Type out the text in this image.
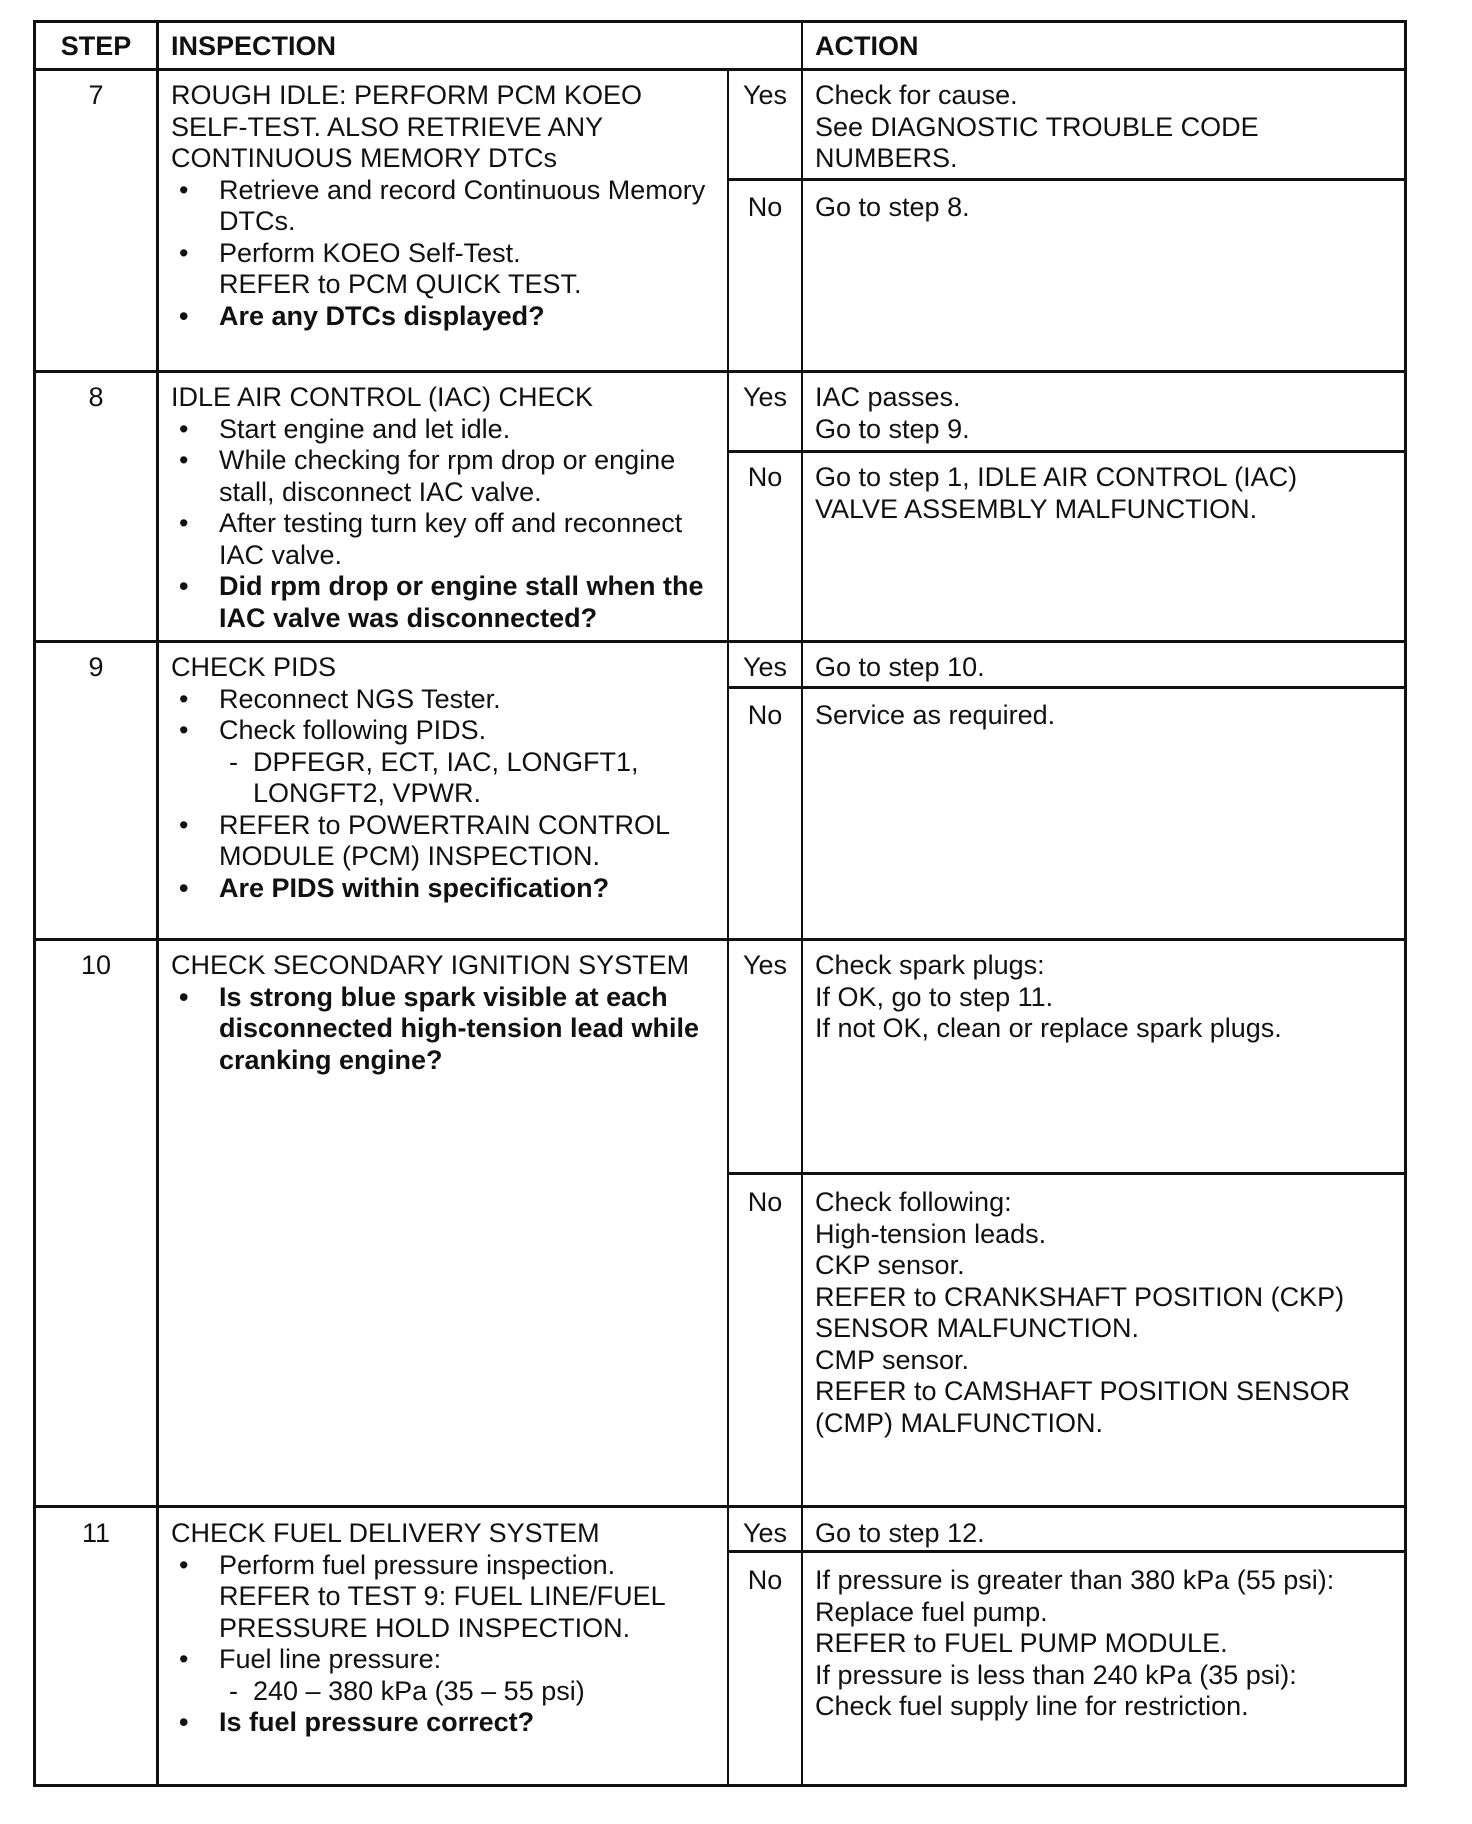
STEP	INSPECTION	ACTION
7	ROUGH IDLE: PERFORM PCM KOEO SELF-TEST. ALSO RETRIEVE ANY CONTINUOUS MEMORY DTCs
• Retrieve and record Continuous Memory DTCs.
• Perform KOEO Self-Test.
REFER to PCM QUICK TEST.
• Are any DTCs displayed?
Yes	Check for cause.
See DIAGNOSTIC TROUBLE CODE NUMBERS.
No	Go to step 8.
8	IDLE AIR CONTROL (IAC) CHECK
• Start engine and let idle.
• While checking for rpm drop or engine stall, disconnect IAC valve.
• After testing turn key off and reconnect IAC valve.
• Did rpm drop or engine stall when the IAC valve was disconnected?
Yes	IAC passes.
Go to step 9.
No	Go to step 1, IDLE AIR CONTROL (IAC) VALVE ASSEMBLY MALFUNCTION.
9	CHECK PIDS
• Reconnect NGS Tester.
• Check following PIDS.
- DPFEGR, ECT, IAC, LONGFT1, LONGFT2, VPWR.
• REFER to POWERTRAIN CONTROL MODULE (PCM) INSPECTION.
• Are PIDS within specification?
Yes	Go to step 10.
No	Service as required.
10	CHECK SECONDARY IGNITION SYSTEM
• Is strong blue spark visible at each disconnected high-tension lead while cranking engine?
Yes	Check spark plugs:
If OK, go to step 11.
If not OK, clean or replace spark plugs.
No	Check following:
High-tension leads.
CKP sensor.
REFER to CRANKSHAFT POSITION (CKP) SENSOR MALFUNCTION.
CMP sensor.
REFER to CAMSHAFT POSITION SENSOR (CMP) MALFUNCTION.
11	CHECK FUEL DELIVERY SYSTEM
• Perform fuel pressure inspection.
REFER to TEST 9: FUEL LINE/FUEL PRESSURE HOLD INSPECTION.
• Fuel line pressure:
- 240 – 380 kPa (35 – 55 psi)
• Is fuel pressure correct?
Yes	Go to step 12.
No	If pressure is greater than 380 kPa (55 psi):
Replace fuel pump.
REFER to FUEL PUMP MODULE.
If pressure is less than 240 kPa (35 psi):
Check fuel supply line for restriction.
